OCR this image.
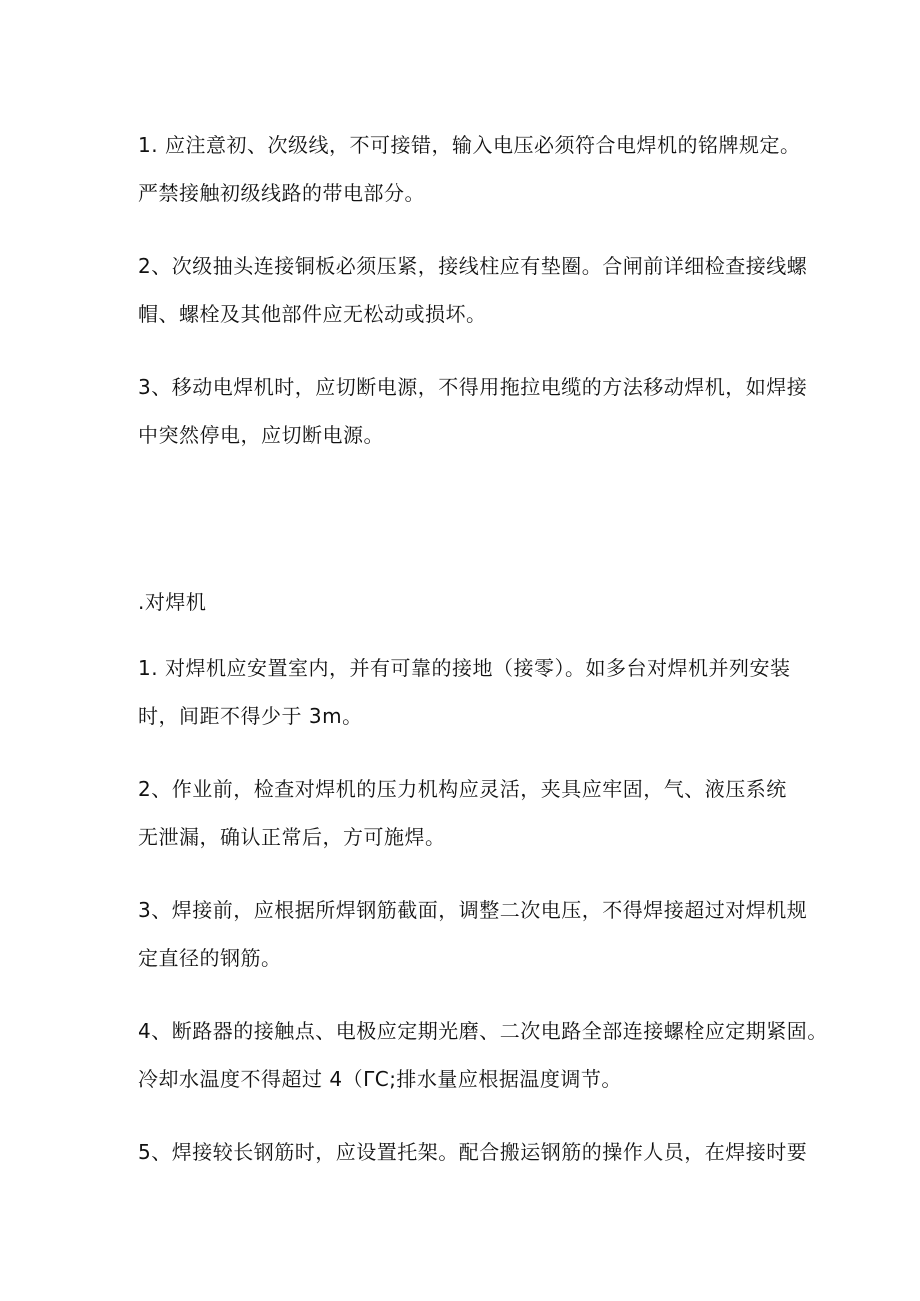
1. 应注意初、次级线，不可接错，输入电压必须符合电焊机的铭牌规定。
严禁接触初级线路的带电部分。
2、次级抽头连接铜板必须压紧，接线柱应有垫圈。合闸前详细检查接线螺
帽、螺栓及其他部件应无松动或损坏。
3、移动电焊机时，应切断电源，不得用拖拉电缆的方法移动焊机，如焊接
中突然停电，应切断电源。
.对焊机
1. 对焊机应安置室内，并有可靠的接地（接零）。如多台对焊机并列安装
时，间距不得少于 3m。
2、作业前，检查对焊机的压力机构应灵活，夹具应牢固，气、液压系统
无泄漏，确认正常后，方可施焊。
3、焊接前，应根据所焊钢筋截面，调整二次电压，不得焊接超过对焊机规
定直径的钢筋。
4、断路器的接触点、电极应定期光磨、二次电路全部连接螺栓应定期紧固。
冷却水温度不得超过 4（ΓC;排水量应根据温度调节。
5、焊接较长钢筋时，应设置托架。配合搬运钢筋的操作人员，在焊接时要
